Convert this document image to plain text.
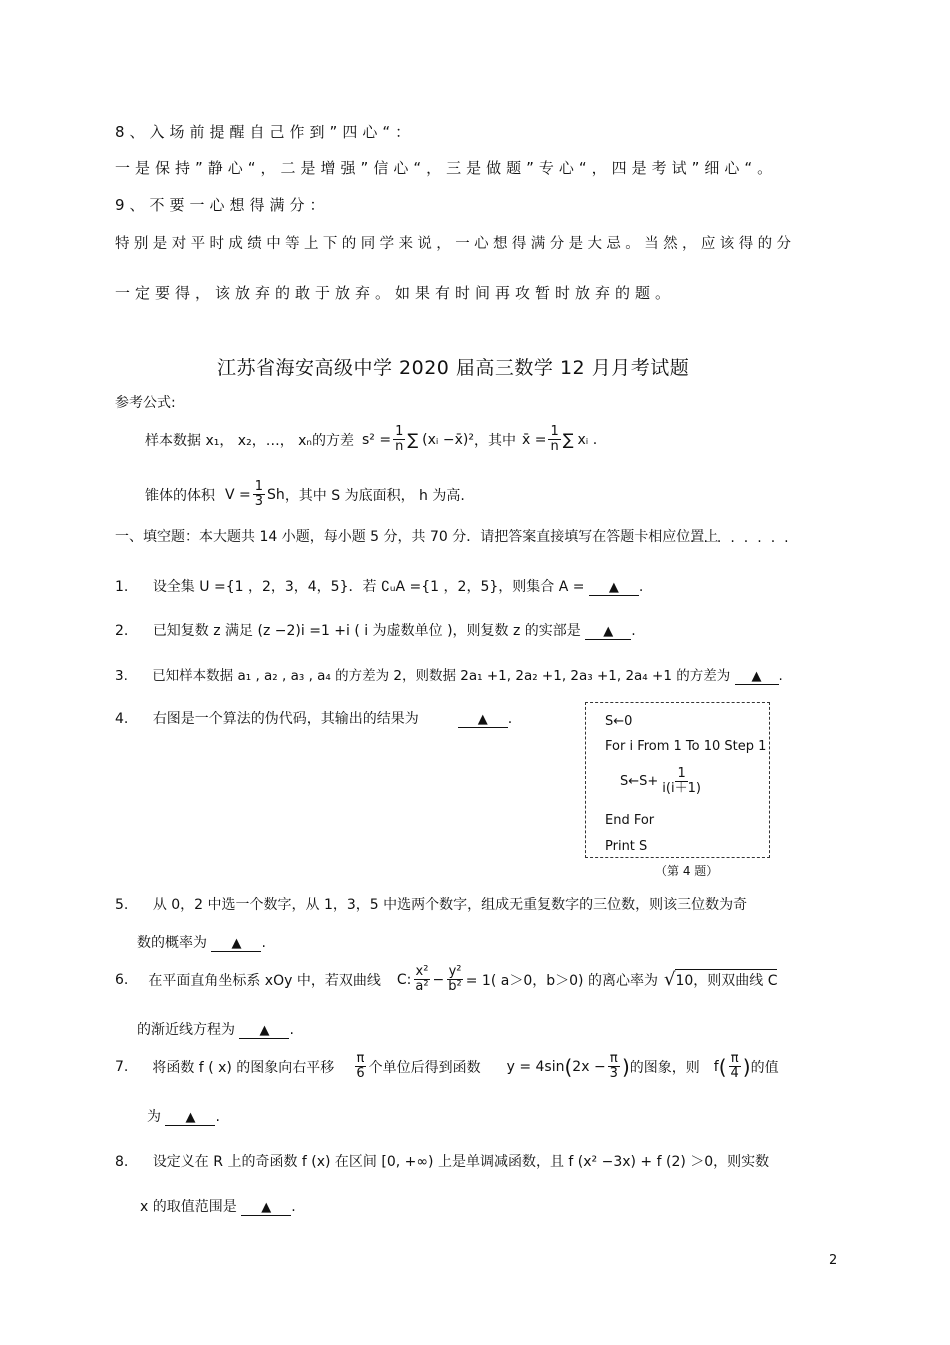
8、入场前提醒自己作到”四心“：
一是保持”静心“，二是增强”信心“，三是做题”专心“，四是考试”细心“。
9、不要一心想得满分：
特别是对平时成绩中等上下的同学来说，一心想得满分是大忌。当然，应该得的分
一定要得，该放弃的敢于放弃。如果有时间再攻暂时放弃的题。
江苏省海安高级中学 2020 届高三数学 12 月月考试题
参考公式:
样本数据 x₁， x₂，…， xₙ的方差 $s^2 = \frac{1}{n}$ ∑ (xᵢ −x̄)² ，其中 x̄ = $\frac{1}{n}$ ∑ xᵢ .
锥体的体积 $V = \frac{1}{3}$ Sh ，其中 S 为底面积， h 为高.
一、填空题：本大题共 14 小题，每小题 5 分，共 70 分．请把答案直接填写在答题卡相应位置上
........
1. 设全集 U ={1 ，2，3，4，5}．若 ∁ᵤA ={1 ，2，5}，则集合 A = ▲ .
2. 已知复数 z 满足 (z −2)i =1 +i ( i 为虚数单位 )，则复数 z 的实部是 ▲ .
3. 已知样本数据 a₁ , a₂ , a₃ , a₄ 的方差为 2，则数据 2a₁ +1, 2a₂ +1, 2a₃ +1, 2a₄ +1 的方差为 ▲ .
4. 右图是一个算法的伪代码，其输出的结果为	▲ .	S←0
For i From 1 To 10 Step 1
S←S+ $\frac{1}{i(i+1)}$
End For
Print S
（第 4 题）
5. 从 0，2 中选一个数字，从 1，3，5 中选两个数字，组成无重复数字的三位数，则该三位数为奇
数的概率为 ▲ .
6. 在平面直角坐标系 xOy 中，若双曲线 C: $\frac{\text{x²}}{\text{a²}} - \frac{\text{y²}}{\text{b²}} = 1$( a＞0，b＞0) 的离心率为 √ 10，则双曲线 C
的渐近线方程为 ▲ .
7. 将函数 f ( x) 的图象向右平移 $\frac{\pi}{6}$ 个单位后得到函数 y = 4sin ( $2x - \frac{\pi}{3}$ ) 的图象，则 f ( $\frac{\pi}{4}$ ) 的值
为 ▲ .
8. 设定义在 R 上的奇函数 f (x) 在区间 [0, +∞) 上是单调减函数，且 f (x² −3x) + f (2) ＞0，则实数
x 的取值范围是 ▲ .
2
